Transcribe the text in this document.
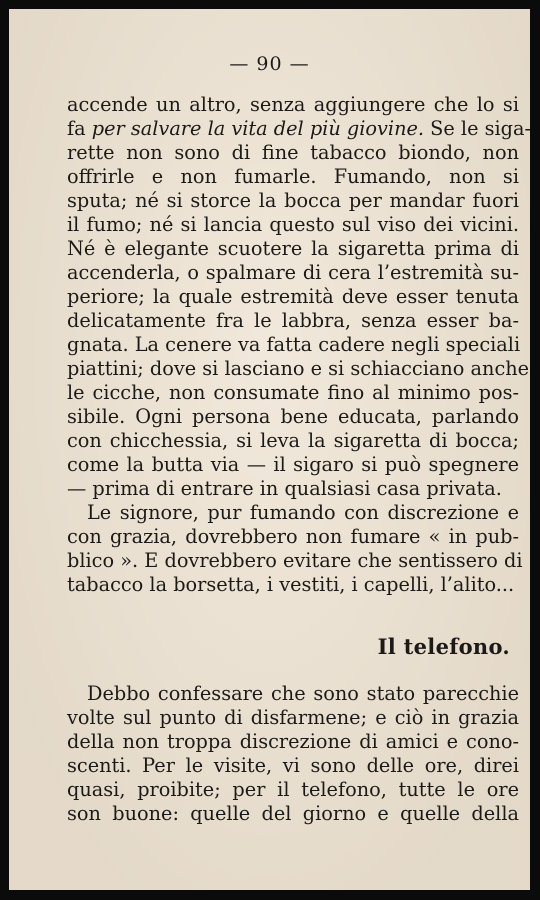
— 90 —
accende un altro, senza aggiungere che lo si
fa per salvare la vita del più giovine. Se le siga-
rette non sono di fine tabacco biondo, non
offrirle e non fumarle. Fumando, non si
sputa; né si storce la bocca per mandar fuori
il fumo; né si lancia questo sul viso dei vicini.
Né è elegante scuotere la sigaretta prima di
accenderla, o spalmare di cera l’estremità su-
periore; la quale estremità deve esser tenuta
delicatamente fra le labbra, senza esser ba-
gnata. La cenere va fatta cadere negli speciali
piattini; dove si lasciano e si schiacciano anche
le cicche, non consumate fino al minimo pos-
sibile. Ogni persona bene educata, parlando
con chicchessia, si leva la sigaretta di bocca;
come la butta via — il sigaro si può spegnere
— prima di entrare in qualsiasi casa privata.
Le signore, pur fumando con discrezione e
con grazia, dovrebbero non fumare « in pub-
blico ». E dovrebbero evitare che sentissero di
tabacco la borsetta, i vestiti, i capelli, l’alito...
Il telefono.
Debbo confessare che sono stato parecchie
volte sul punto di disfarmene; e ciò in grazia
della non troppa discrezione di amici e cono-
scenti. Per le visite, vi sono delle ore, direi
quasi, proibite; per il telefono, tutte le ore
son buone: quelle del giorno e quelle della
